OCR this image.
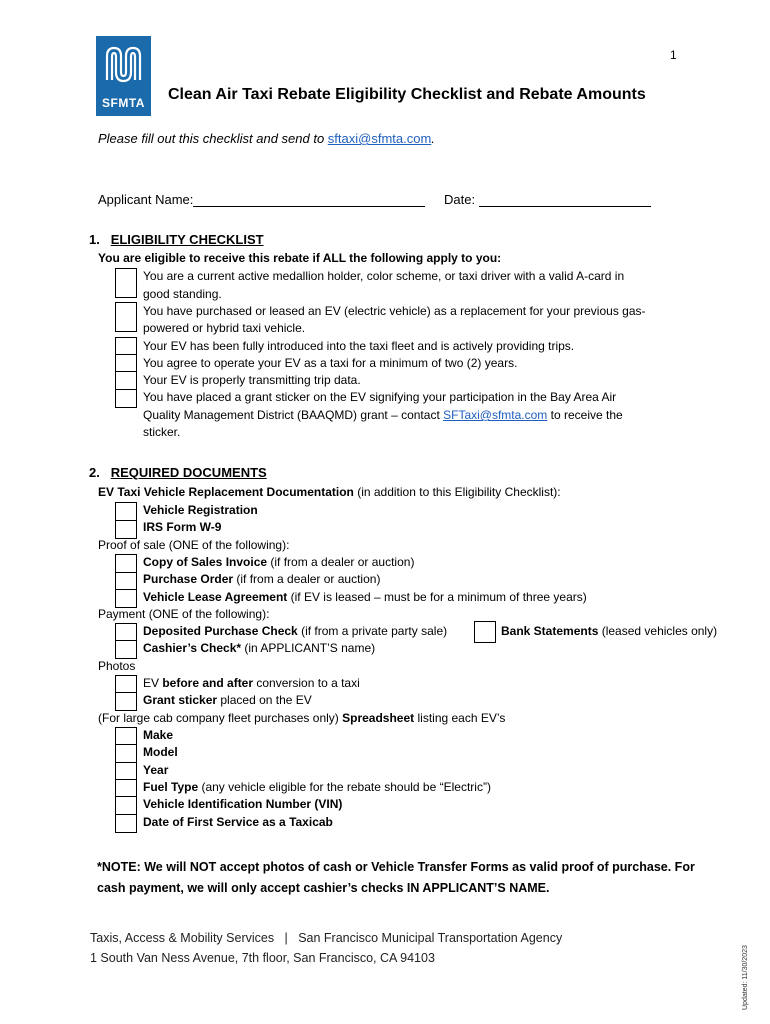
SFMTA
1
Clean Air Taxi Rebate Eligibility Checklist and Rebate Amounts
Please fill out this checklist and send to sftaxi@sfmta.com.
Applicant Name:	Date:
1. ELIGIBILITY CHECKLIST
You are eligible to receive this rebate if ALL the following apply to you:
You are a current active medallion holder, color scheme, or taxi driver with a valid A-card in
good standing.
You have purchased or leased an EV (electric vehicle) as a replacement for your previous gas-
powered or hybrid taxi vehicle.
Your EV has been fully introduced into the taxi fleet and is actively providing trips.
You agree to operate your EV as a taxi for a minimum of two (2) years.
Your EV is properly transmitting trip data.
You have placed a grant sticker on the EV signifying your participation in the Bay Area Air
Quality Management District (BAAQMD) grant – contact SFTaxi@sfmta.com to receive the
sticker.
2. REQUIRED DOCUMENTS
EV Taxi Vehicle Replacement Documentation (in addition to this Eligibility Checklist):
Vehicle Registration
IRS Form W-9
Proof of sale (ONE of the following):
Copy of Sales Invoice (if from a dealer or auction)
Purchase Order (if from a dealer or auction)
Vehicle Lease Agreement (if EV is leased – must be for a minimum of three years)
Payment (ONE of the following):
Deposited Purchase Check (if from a private party sale)	Bank Statements (leased vehicles only)
Cashier’s Check* (in APPLICANT’S name)
Photos
EV before and after conversion to a taxi
Grant sticker placed on the EV
(For large cab company fleet purchases only) Spreadsheet listing each EV’s
Make
Model
Year
Fuel Type (any vehicle eligible for the rebate should be “Electric”)
Vehicle Identification Number (VIN)
Date of First Service as a Taxicab
*NOTE: We will NOT accept photos of cash or Vehicle Transfer Forms as valid proof of purchase. For
cash payment, we will only accept cashier’s checks IN APPLICANT’S NAME.
Taxis, Access & Mobility Services | San Francisco Municipal Transportation Agency
1 South Van Ness Avenue, 7th floor, San Francisco, CA 94103	Updated: 11/30/2023
